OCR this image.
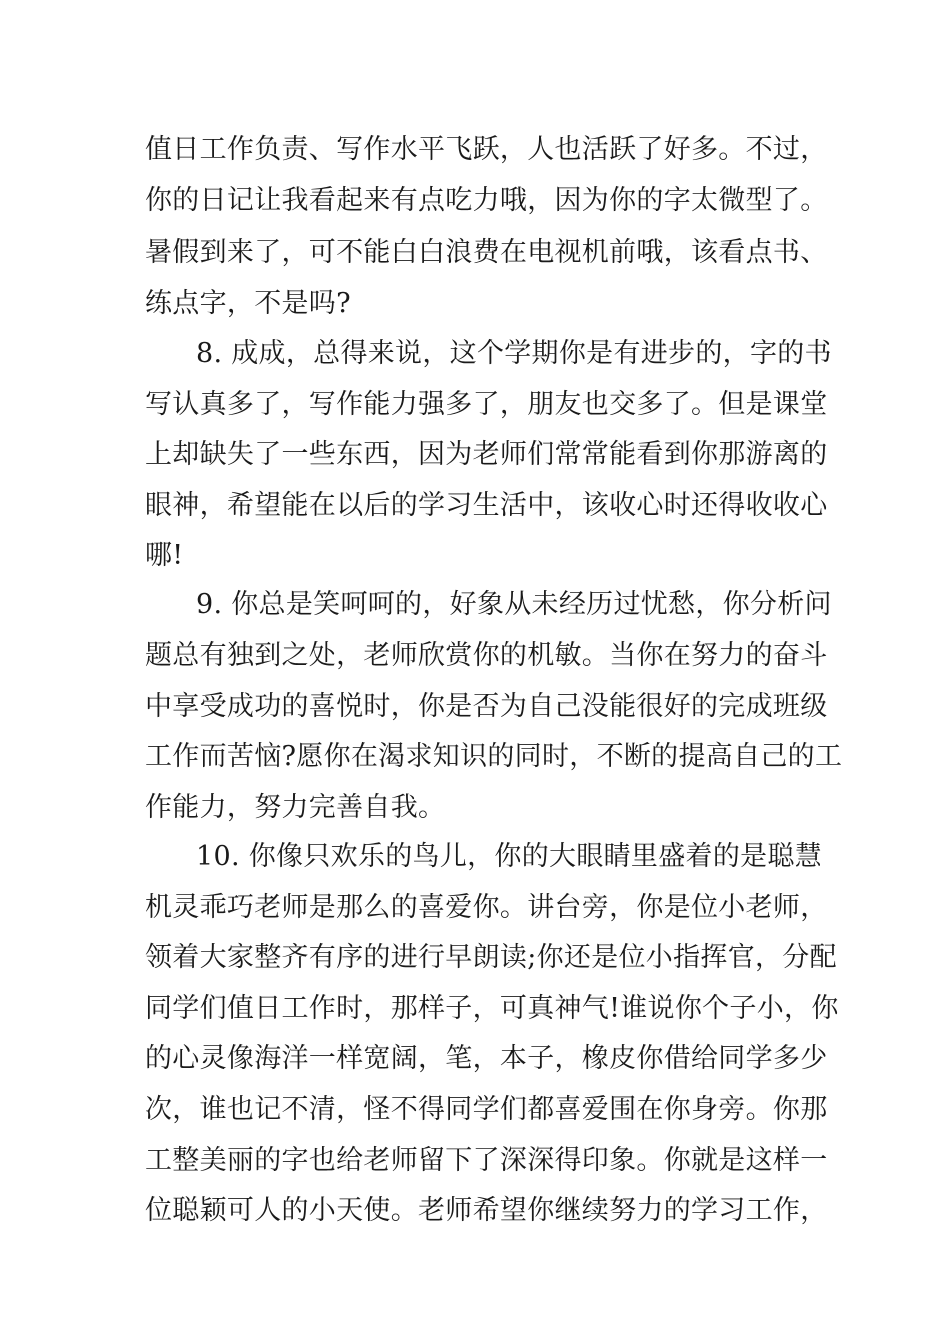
值日工作负责、写作水平飞跃，人也活跃了好多。不过，
你的日记让我看起来有点吃力哦，因为你的字太微型了。
暑假到来了，可不能白白浪费在电视机前哦，该看点书、
练点字，不是吗?
8. 成成，总得来说，这个学期你是有进步的，字的书
写认真多了，写作能力强多了，朋友也交多了。但是课堂
上却缺失了一些东西，因为老师们常常能看到你那游离的
眼神，希望能在以后的学习生活中，该收心时还得收收心
哪!
9. 你总是笑呵呵的，好象从未经历过忧愁，你分析问
题总有独到之处，老师欣赏你的机敏。当你在努力的奋斗
中享受成功的喜悦时，你是否为自己没能很好的完成班级
工作而苦恼?愿你在渴求知识的同时，不断的提高自己的工
作能力，努力完善自我。
10. 你像只欢乐的鸟儿，你的大眼睛里盛着的是聪慧
机灵乖巧老师是那么的喜爱你。讲台旁，你是位小老师，
领着大家整齐有序的进行早朗读;你还是位小指挥官，分配
同学们值日工作时，那样子，可真神气!谁说你个子小，你
的心灵像海洋一样宽阔，笔，本子，橡皮你借给同学多少
次，谁也记不清，怪不得同学们都喜爱围在你身旁。你那
工整美丽的字也给老师留下了深深得印象。你就是这样一
位聪颖可人的小天使。老师希望你继续努力的学习工作，
